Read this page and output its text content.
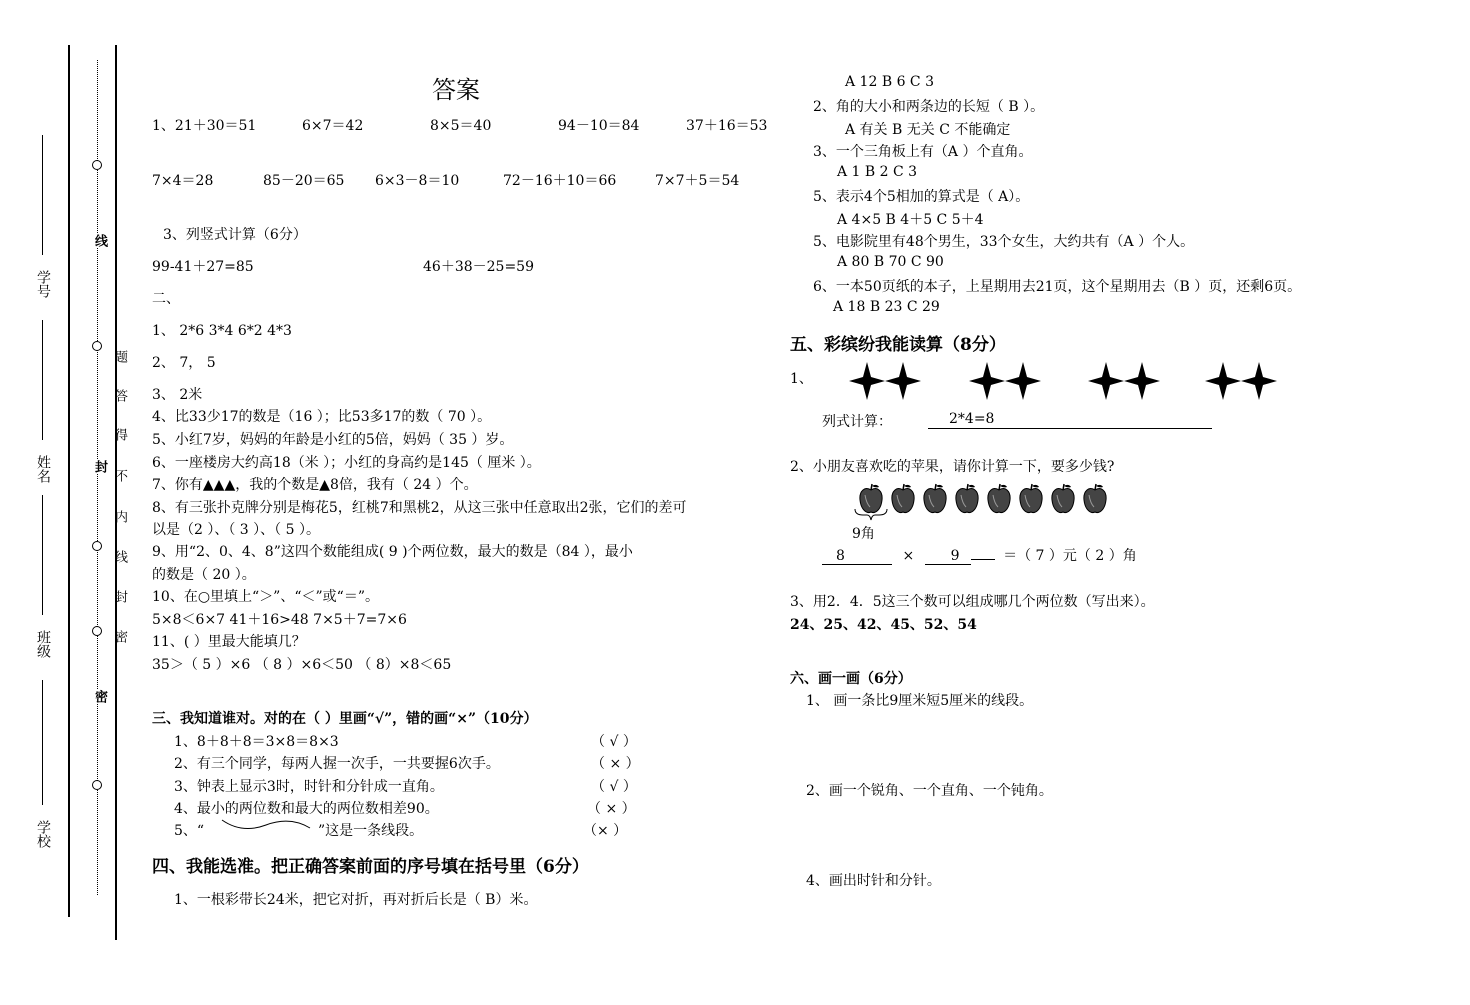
线
封
密
题
答
得
不
内
线
封
密
学号
姓名
班级
学校
答案
1、21＋30＝51	6×7＝42	8×5＝40	94－10＝84	37＋16＝53
7×4＝28	85－20＝65 6×3－8＝10	72－16＋10＝66	7×7＋5＝54
3、列竖式计算（6分）
99-41＋27=85	46＋38－25=59
二、
1、 2*6 3*4 6*2 4*3
2、 7， 5
3、 2米
4、比33少17的数是（16 ）；比53多17的数（ 70 ）。
5、小红7岁，妈妈的年龄是小红的5倍，妈妈（ 35 ）岁。
6、一座楼房大约高18（米 ）；小红的身高约是145（ 厘米 ）。
7、你有▲▲▲，我的个数是▲8倍，我有（ 24 ）个。
8、有三张扑克牌分别是梅花5，红桃7和黑桃2，从这三张中任意取出2张，它们的差可
以是（2 ）、（ 3 ）、（ 5 ）。
9、用“2、0、4、8”这四个数能组成( 9 )个两位数，最大的数是（84 ），最小
的数是（ 20 ）。
10、在○里填上“＞”、“＜”或“＝”。
5×8＜6×7 41＋16>48 7×5＋7=7×6
11、( ）里最大能填几？
35＞（ 5 ）×6 （ 8 ）×6＜50 （ 8）×8＜65
三、我知道谁对。对的在（ ）里画“√”，错的画“×”（10分）
1、8＋8＋8＝3×8＝8×3	（ √ ）
2、有三个同学，每两人握一次手，一共要握6次手。	（ × ）
3、钟表上显示3时，时针和分针成一直角。	（ √ ）
4、最小的两位数和最大的两位数相差90。	（ × ）
5、“	”这是一条线段。	（× ）
四、我能选准。把正确答案前面的序号填在括号里（6分）
1、一根彩带长24米，把它对折，再对折后长是（ B）米。
A 12 B 6 C 3
2、角的大小和两条边的长短（ B ）。
A 有关 B 无关 C 不能确定
3、一个三角板上有（A ）个直角。
A 1 B 2 C 3
5、表示4个5相加的算式是（ A）。
A 4×5 B 4＋5 C 5＋4
5、电影院里有48个男生，33个女生，大约共有（A ）个人。
A 80 B 70 C 90
6、一本50页纸的本子，上星期用去21页，这个星期用去（B ）页，还剩6页。
A 18 B 23 C 29
五、彩缤纷我能读算（8分）
1、
列式计算：	2*4=8
2、小朋友喜欢吃的苹果，请你计算一下，要多少钱?
9角
8	×	9	＝（ 7 ）元（ 2 ）角
3、用2．4．5这三个数可以组成哪几个两位数（写出来）。
24、25、42、45、52、54
六、画一画（6分）
1、 画一条比9厘米短5厘米的线段。
2、画一个锐角、一个直角、一个钝角。
4、画出时针和分针。
